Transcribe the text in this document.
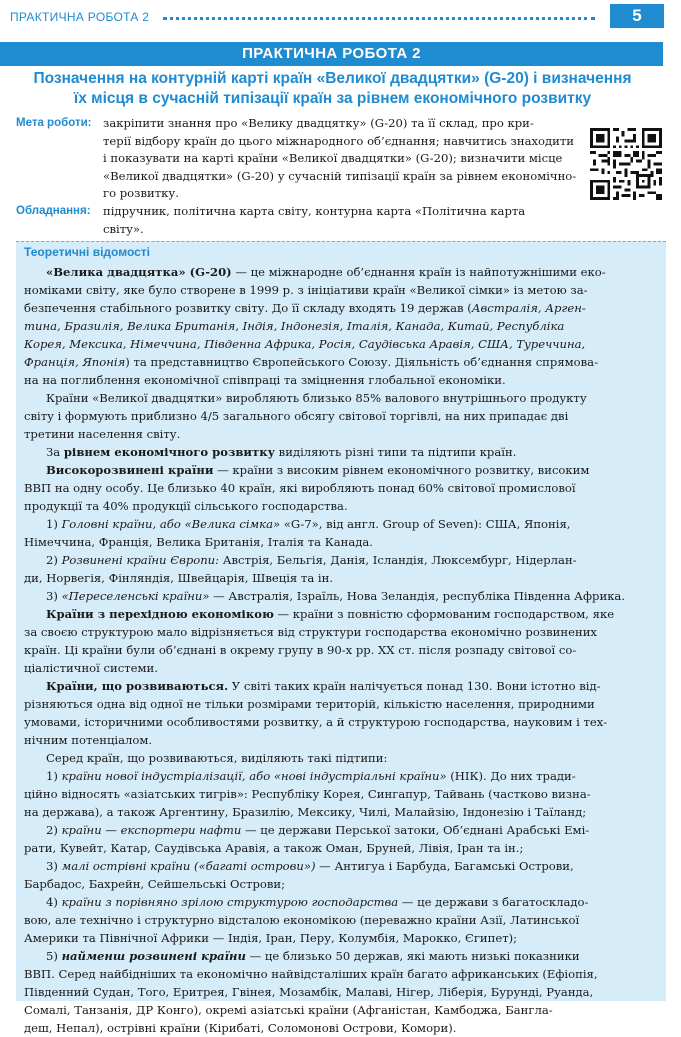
ПРАКТИЧНА РОБОТА 2	5
ПРАКТИЧНА РОБОТА 2
Позначення на контурній карті країн «Великої двадцятки» (G-20) і визначення
їх місця в сучасній типізації країн за рівнем економічного розвитку
Мета роботи: закріпити знання про «Велику двадцятку» (G-20) та її склад, про кри-
терії відбору країн до цього міжнародного об’єднання; навчитись знаходити
і показувати на карті країни «Великої двадцятки» (G-20); визначити місце
«Великої двадцятки» (G-20) у сучасній типізації країн за рівнем економічно-
го розвитку.
Обладнання: підручник, політична карта світу, контурна карта «Політична карта
світу».
Теоретичні відомості
«Велика двадцятка» (G-20) — це міжнародне об’єднання країн із найпотужнішими еко-
номіками світу, яке було створене в 1999 р. з ініціативи країн «Великої сімки» із метою за-
безпечення стабільного розвитку світу. До її складу входять 19 держав (Австралія, Арген-
тина, Бразилія, Велика Британія, Індія, Індонезія, Італія, Канада, Китай, Республіка
Корея, Мексика, Німеччина, Південна Африка, Росія, Саудівська Аравія, США, Туреччина,
Франція, Японія) та представництво Європейського Союзу. Діяльність об’єднання спрямова-
на на поглиблення економічної співпраці та зміцнення глобальної економіки.
Країни «Великої двадцятки» виробляють близько 85% валового внутрішнього продукту
світу і формують приблизно 4/5 загального обсягу світової торгівлі, на них припадає дві
третини населення світу.
За рівнем економічного розвитку виділяють різні типи та підтипи країн.
Високорозвинені країни — країни з високим рівнем економічного розвитку, високим
ВВП на одну особу. Це близько 40 країн, які виробляють понад 60% світової промислової
продукції та 40% продукції сільського господарства.
1) Головні країни, або «Велика сімка» «G-7», від англ. Group of Seven): США, Японія,
Німеччина, Франція, Велика Британія, Італія та Канада.
2) Розвинені країни Європи: Австрія, Бельгія, Данія, Ісландія, Люксембург, Нідерлан-
ди, Норвегія, Фінляндія, Швейцарія, Швеція та ін.
3) «Переселенські країни» — Австралія, Ізраїль, Нова Зеландія, республіка Південна Африка.
Країни з перехідною економікою — країни з повністю сформованим господарством, яке
за своєю структурою мало відрізняється від структури господарства економічно розвинених
країн. Ці країни були об’єднані в окрему групу в 90-х рр. XX ст. після розпаду світової со-
ціалістичної системи.
Країни, що розвиваються. У світі таких країн налічується понад 130. Вони істотно від-
різняються одна від одної не тільки розмірами територій, кількістю населення, природними
умовами, історичними особливостями розвитку, а й структурою господарства, науковим і тех-
нічним потенціалом.
Серед країн, що розвиваються, виділяють такі підтипи:
1) країни нової індустріалізації, або «нові індустріальні країни» (НІК). До них тради-
ційно відносять «азіатських тигрів»: Республіку Корея, Сингапур, Тайвань (частково визна-
на держава), а також Аргентину, Бразилію, Мексику, Чилі, Малайзію, Індонезію і Таїланд;
2) країни — експортери нафти — це держави Перської затоки, Об’єднані Арабські Емі-
рати, Кувейт, Катар, Саудівська Аравія, а також Оман, Бруней, Лівія, Іран та ін.;
3) малі острівні країни («багаті острови») — Антигуа і Барбуда, Багамські Острови,
Барбадос, Бахрейн, Сейшельські Острови;
4) країни з порівняно зрілою структурою господарства — це держави з багатоскладо-
вою, але технічно і структурно відсталою економікою (переважно країни Азії, Латинської
Америки та Північної Африки — Індія, Іран, Перу, Колумбія, Марокко, Єгипет);
5) найменш розвинені країни — це близько 50 держав, які мають низькі показники
ВВП. Серед найбідніших та економічно найвідсталіших країн багато африканських (Ефіопія,
Південний Судан, Того, Еритрея, Гвінея, Мозамбік, Малаві, Нігер, Ліберія, Бурунді, Руанда,
Сомалі, Танзанія, ДР Конго), окремі азіатські країни (Афганістан, Камбоджа, Бангла-
деш, Непал), острівні країни (Кірибаті, Соломонові Острови, Комори).
